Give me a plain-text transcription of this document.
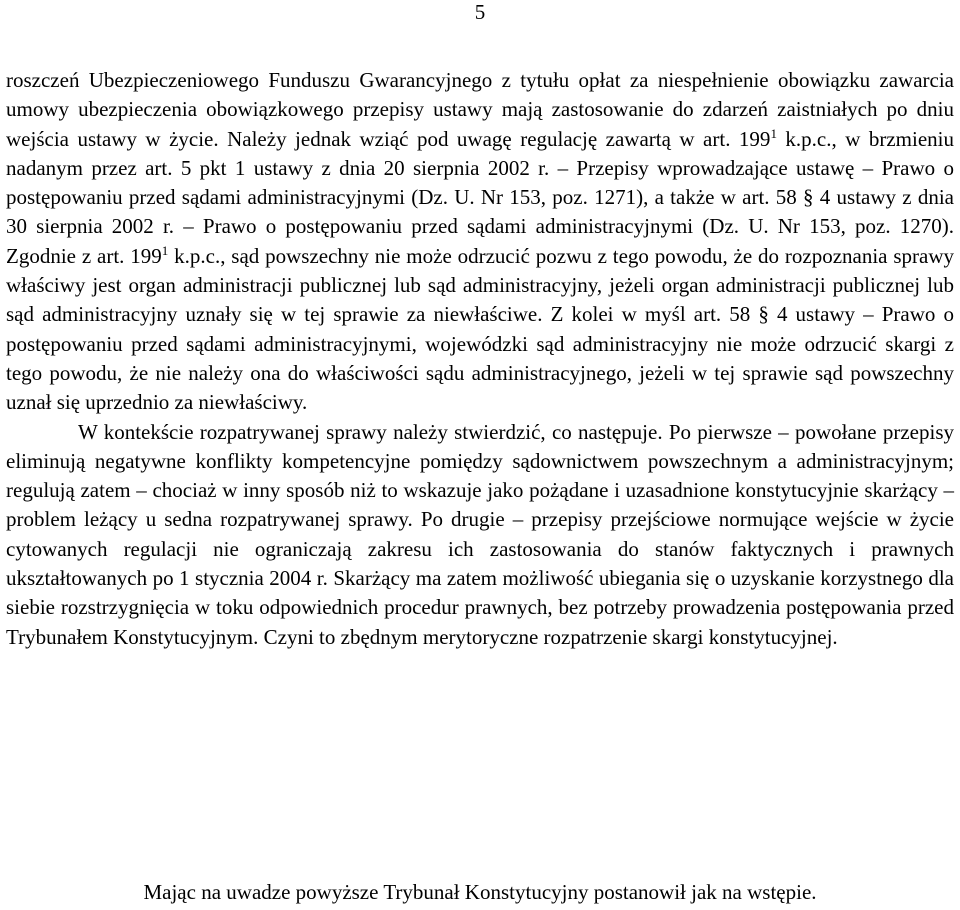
5

roszczeń Ubezpieczeniowego Funduszu Gwarancyjnego z tytułu opłat za niespełnienie obowiązku zawarcia umowy ubezpieczenia obowiązkowego przepisy ustawy mają zastosowanie do zdarzeń zaistniałych po dniu wejścia ustawy w życie. Należy jednak wziąć pod uwagę regulację zawartą w art. $199^1$ k.p.c., w brzmieniu nadanym przez art. 5 pkt 1 ustawy z dnia 20 sierpnia 2002 r. – Przepisy wprowadzające ustawę – Prawo o postępowaniu przed sądami administracyjnymi (Dz. U. Nr 153, poz. 1271), a także w art. 58 § 4 ustawy z dnia 30 sierpnia 2002 r. – Prawo o postępowaniu przed sądami administracyjnymi (Dz. U. Nr 153, poz. 1270). Zgodnie z art. $199^1$ k.p.c., sąd powszechny nie może odrzucić pozwu z tego powodu, że do rozpoznania sprawy właściwy jest organ administracji publicznej lub sąd administracyjny, jeżeli organ administracji publicznej lub sąd administracyjny uznały się w tej sprawie za niewłaściwe. Z kolei w myśl art. 58 § 4 ustawy – Prawo o postępowaniu przed sądami administracyjnymi, wojewódzki sąd administracyjny nie może odrzucić skargi z tego powodu, że nie należy ona do właściwości sądu administracyjnego, jeżeli w tej sprawie sąd powszechny uznał się uprzednio za niewłaściwy.

W kontekście rozpatrywanej sprawy należy stwierdzić, co następuje. Po pierwsze – powołane przepisy eliminują negatywne konflikty kompetencyjne pomiędzy sądownictwem powszechnym a administracyjnym; regulują zatem – chociaż w inny sposób niż to wskazuje jako pożądane i uzasadnione konstytucyjnie skarżący – problem leżący u sedna rozpatrywanej sprawy. Po drugie – przepisy przejściowe normujące wejście w życie cytowanych regulacji nie ograniczają zakresu ich zastosowania do stanów faktycznych i prawnych ukształtowanych po 1 stycznia 2004 r. Skarżący ma zatem możliwość ubiegania się o uzyskanie korzystnego dla siebie rozstrzygnięcia w toku odpowiednich procedur prawnych, bez potrzeby prowadzenia postępowania przed Trybunałem Konstytucyjnym. Czyni to zbędnym merytoryczne rozpatrzenie skargi konstytucyjnej.

Mając na uwadze powyższe Trybunał Konstytucyjny postanowił jak na wstępie.
